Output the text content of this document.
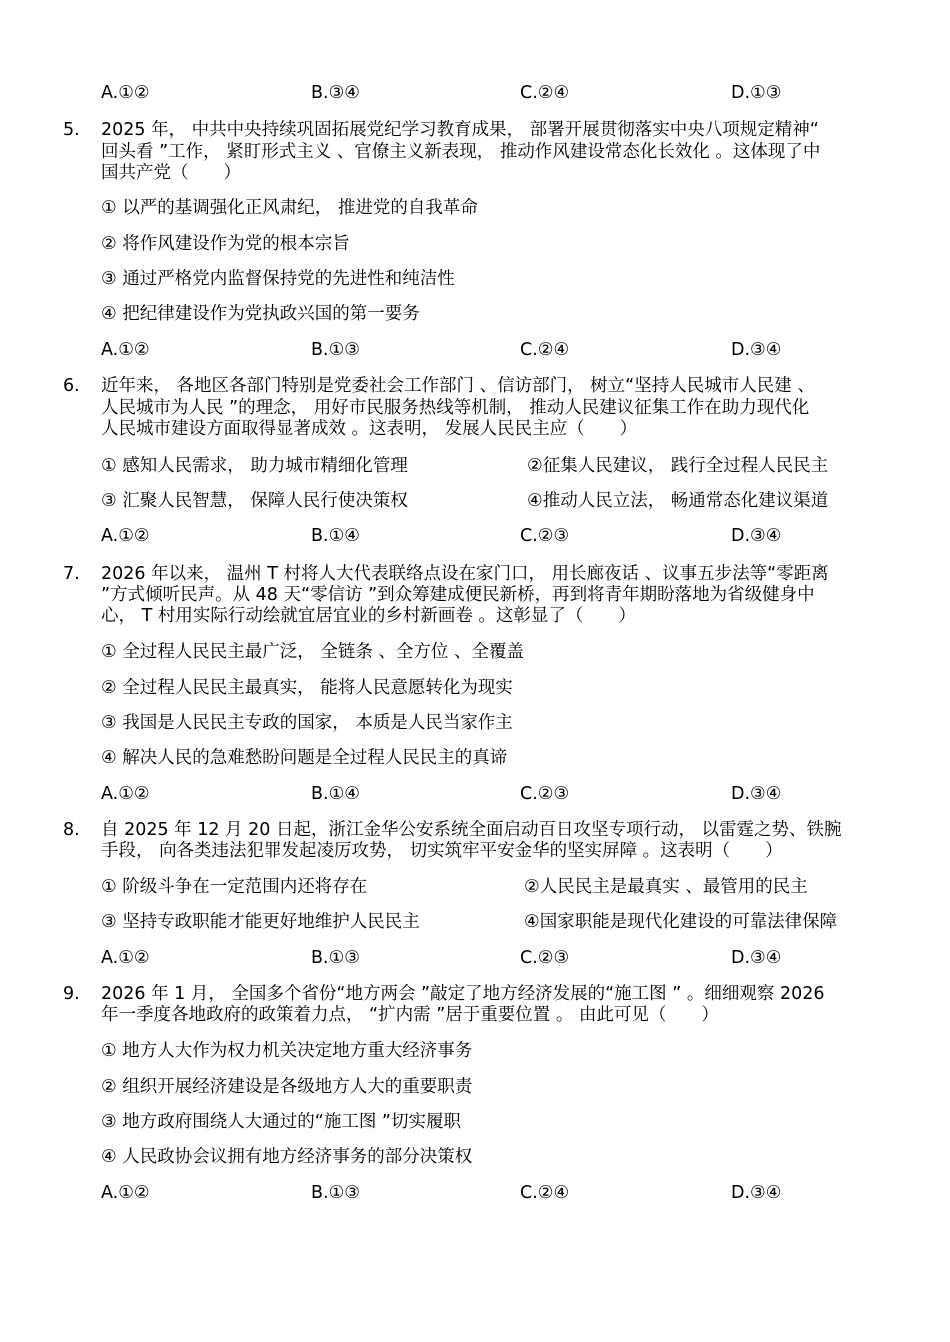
A.①②	B.③④	C.②④	D.①③
5. 2025 年， 中共中央持续巩固拓展党纪学习教育成果， 部署开展贯彻落实中央八项规定精神“
回头看 ”工作， 紧盯形式主义 、官僚主义新表现， 推动作风建设常态化长效化 。这体现了中
国共产党（　　）
① 以严的基调强化正风肃纪， 推进党的自我革命
② 将作风建设作为党的根本宗旨
③ 通过严格党内监督保持党的先进性和纯洁性
④ 把纪律建设作为党执政兴国的第一要务
A.①②	B.①③	C.②④	D.③④
6. 近年来， 各地区各部门特别是党委社会工作部门 、信访部门， 树立“坚持人民城市人民建 、
人民城市为人民 ”的理念， 用好市民服务热线等机制， 推动人民建议征集工作在助力现代化
人民城市建设方面取得显著成效 。这表明， 发展人民民主应（　　）
① 感知人民需求， 助力城市精细化管理	②征集人民建议， 践行全过程人民民主
③ 汇聚人民智慧， 保障人民行使决策权	④推动人民立法， 畅通常态化建议渠道
A.①②	B.①④	C.②③	D.③④
7. 2026 年以来， 温州 T 村将人大代表联络点设在家门口， 用长廊夜话 、议事五步法等“零距离
”方式倾听民声。从 48 天“零信访 ”到众筹建成便民新桥，再到将青年期盼落地为省级健身中
心， T 村用实际行动绘就宜居宜业的乡村新画卷 。这彰显了（　　）
① 全过程人民民主最广泛， 全链条 、全方位 、全覆盖
② 全过程人民民主最真实， 能将人民意愿转化为现实
③ 我国是人民民主专政的国家， 本质是人民当家作主
④ 解决人民的急难愁盼问题是全过程人民民主的真谛
A.①②	B.①④	C.②③	D.③④
8. 自 2025 年 12 月 20 日起，浙江金华公安系统全面启动百日攻坚专项行动， 以雷霆之势、铁腕
手段， 向各类违法犯罪发起凌厉攻势， 切实筑牢平安金华的坚实屏障 。这表明（　　）
① 阶级斗争在一定范围内还将存在	②人民民主是最真实 、最管用的民主
③ 坚持专政职能才能更好地维护人民民主	④国家职能是现代化建设的可靠法律保障
A.①②	B.①③	C.②③	D.③④
9. 2026 年 1 月， 全国多个省份“地方两会 ”敲定了地方经济发展的“施工图 ” 。细细观察 2026
年一季度各地政府的政策着力点， “扩内需 ”居于重要位置 。 由此可见（　　）
① 地方人大作为权力机关决定地方重大经济事务
② 组织开展经济建设是各级地方人大的重要职责
③ 地方政府围绕人大通过的“施工图 ”切实履职
④ 人民政协会议拥有地方经济事务的部分决策权
A.①②	B.①③	C.②④	D.③④
